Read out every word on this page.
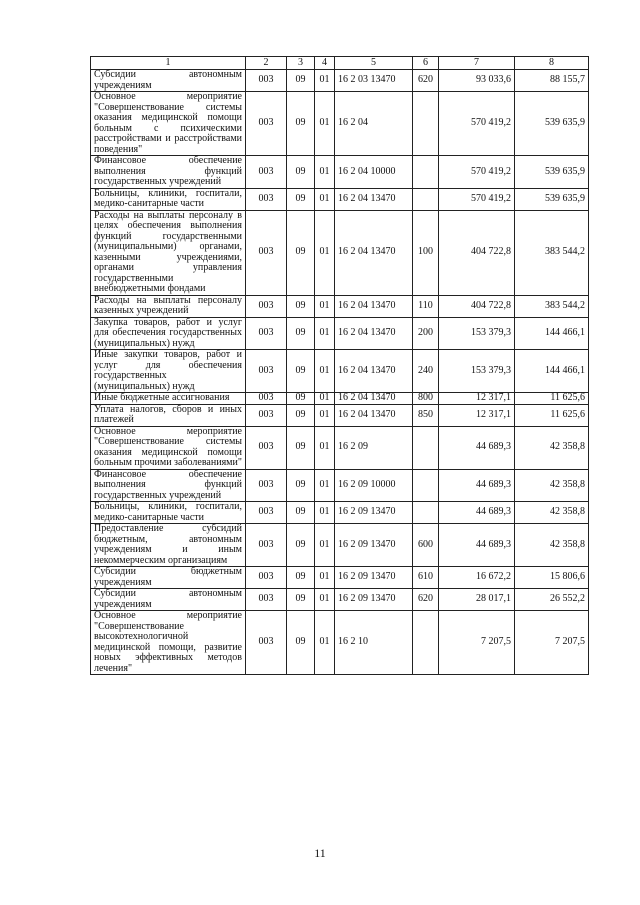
1	2	3	4	5	6	7	8
Субсидии автономным учреждениям	003	09	01	16 2 03 13470	620	93 033,6	88 155,7
Основное мероприятие "Совершенствование системы оказания медицинской помощи больным с психическими расстройствами и расстройствами поведения"	003	09	01	16 2 04		570 419,2	539 635,9
Финансовое обеспечение выполнения функций государственных учреждений	003	09	01	16 2 04 10000		570 419,2	539 635,9
Больницы, клиники, госпитали, медико-санитарные части	003	09	01	16 2 04 13470		570 419,2	539 635,9
Расходы на выплаты персоналу в целях обеспечения выполнения функций государственными (муниципальными) органами, казенными учреждениями, органами управления государственными внебюджетными фондами	003	09	01	16 2 04 13470	100	404 722,8	383 544,2
Расходы на выплаты персоналу казенных учреждений	003	09	01	16 2 04 13470	110	404 722,8	383 544,2
Закупка товаров, работ и услуг для обеспечения государственных (муниципальных) нужд	003	09	01	16 2 04 13470	200	153 379,3	144 466,1
Иные закупки товаров, работ и услуг для обеспечения государственных (муниципальных) нужд	003	09	01	16 2 04 13470	240	153 379,3	144 466,1
Иные бюджетные ассигнования	003	09	01	16 2 04 13470	800	12 317,1	11 625,6
Уплата налогов, сборов и иных платежей	003	09	01	16 2 04 13470	850	12 317,1	11 625,6
Основное мероприятие "Совершенствование системы оказания медицинской помощи больным прочими заболеваниями"	003	09	01	16 2 09		44 689,3	42 358,8
Финансовое обеспечение выполнения функций государственных учреждений	003	09	01	16 2 09 10000		44 689,3	42 358,8
Больницы, клиники, госпитали, медико-санитарные части	003	09	01	16 2 09 13470		44 689,3	42 358,8
Предоставление субсидий бюджетным, автономным учреждениям и иным некоммерческим организациям	003	09	01	16 2 09 13470	600	44 689,3	42 358,8
Субсидии бюджетным учреждениям	003	09	01	16 2 09 13470	610	16 672,2	15 806,6
Субсидии автономным учреждениям	003	09	01	16 2 09 13470	620	28 017,1	26 552,2
Основное мероприятие "Совершенствование высокотехнологичной медицинской помощи, развитие новых эффективных методов лечения"	003	09	01	16 2 10		7 207,5	7 207,5
11
